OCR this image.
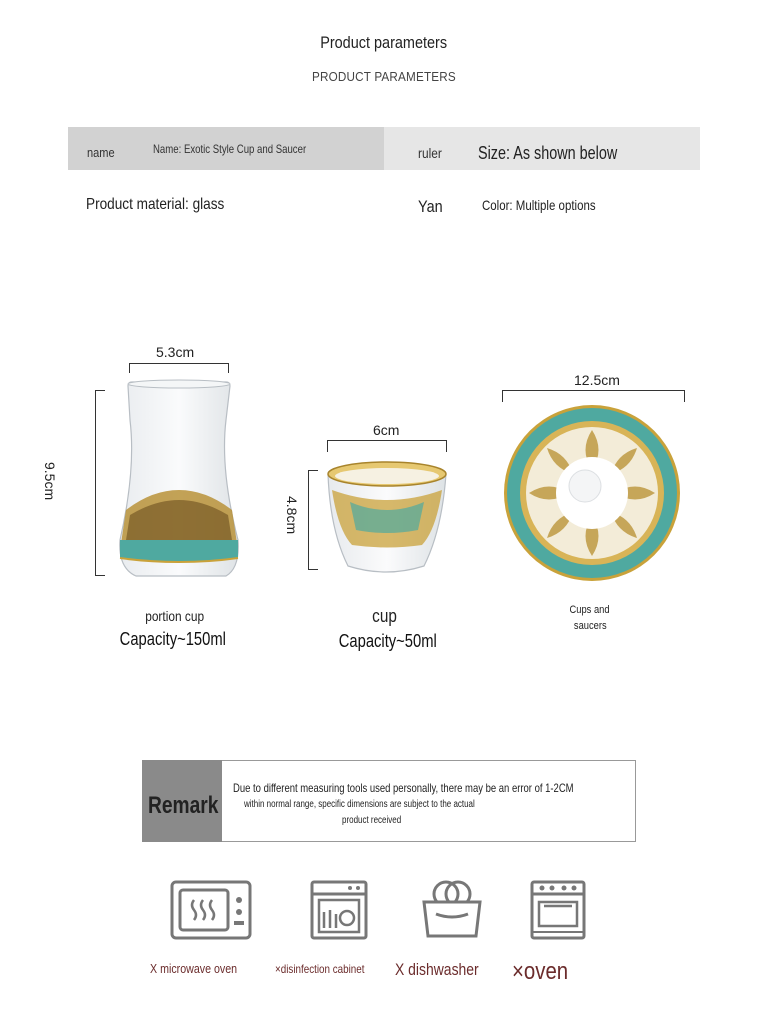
Product parameters
PRODUCT PARAMETERS
name	Name: Exotic Style Cup and Saucer	ruler Size: As shown below
Product material: glass	Yan	Color: Multiple options
5.3cm
9.5cm
portion cup
Capacity~150ml
6cm
4.8cm
cup
Capacity~50ml
12.5cm
Cups and
saucers
Remark
Due to different measuring tools used personally, there may be an error of 1-2CM
within normal range, specific dimensions are subject to the actual
product received
X microwave oven	×disinfection cabinet	X dishwasher	×oven
